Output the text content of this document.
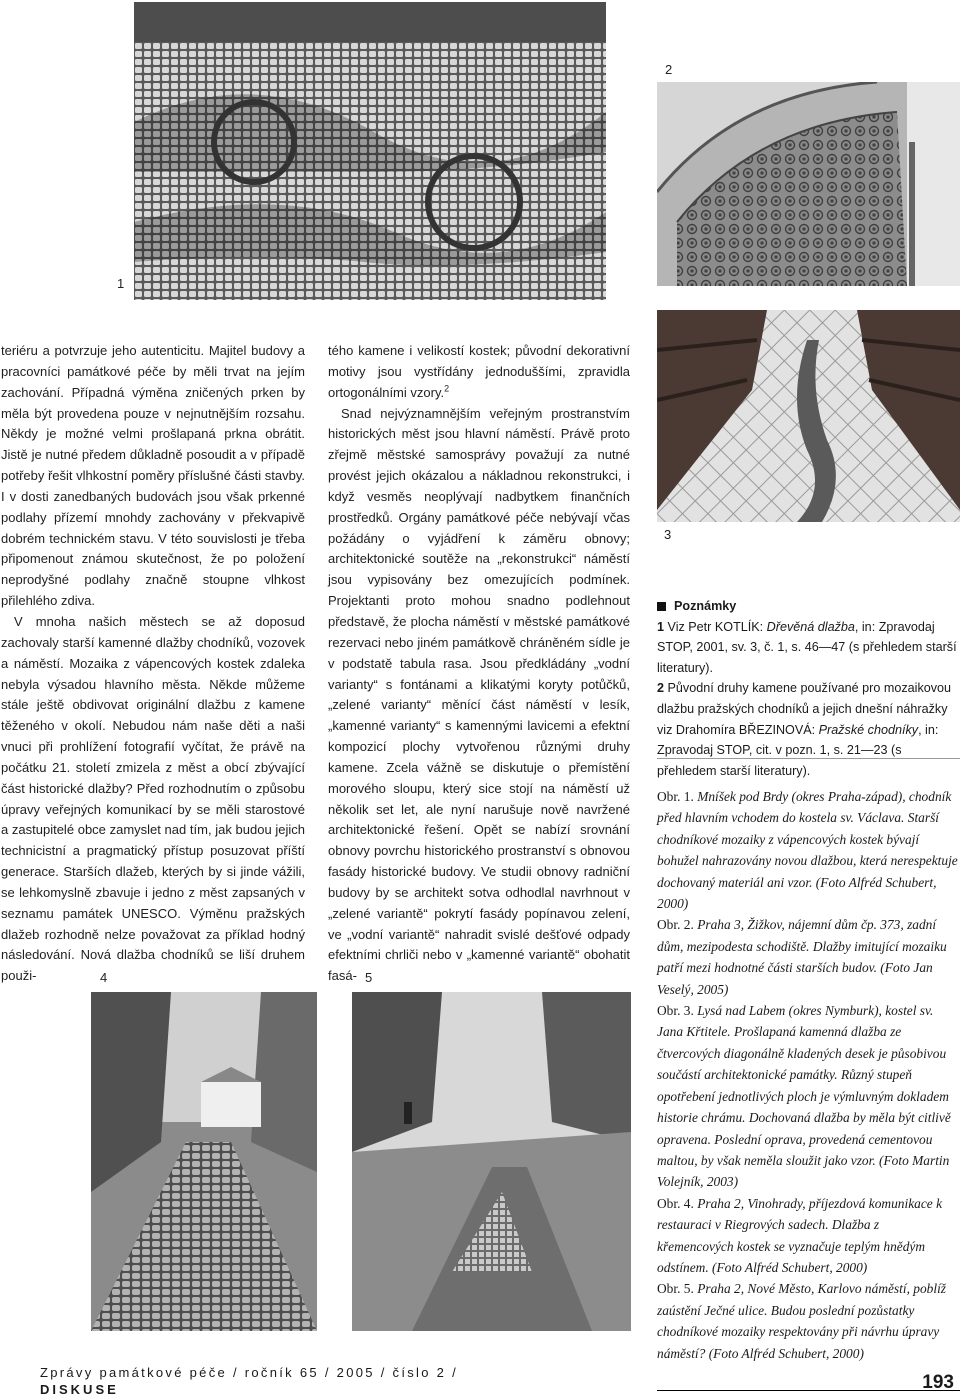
1
2
3
4	5

teriéru a potvrzuje jeho autenticitu. Majitel budovy a pracovníci památkové péče by měli trvat na jejím zachování. Případná výměna zničených prken by měla být provedena pouze v nejnutnějším rozsahu. Někdy je možné velmi prošlapaná prkna obrátit. Jistě je nutné předem důkladně posoudit a v případě potřeby řešit vlhkostní poměry příslušné části stavby. I v dosti zanedbaných budovách jsou však prkenné podlahy přízemí mnohdy zachovány v překvapivě dobrém technickém stavu. V této souvislosti je třeba připomenout známou skutečnost, že po položení neprodyšné podlahy značně stoupne vlhkost přilehlého zdiva.

V mnoha našich městech se až doposud zachovaly starší kamenné dlažby chodníků, vozovek a náměstí. Mozaika z vápencových kostek zdaleka nebyla výsadou hlavního města. Někde můžeme stále ještě obdivovat originální dlažbu z kamene těženého v okolí. Nebudou nám naše děti a naši vnuci při prohlížení fotografií vyčítat, že právě na počátku 21. století zmizela z měst a obcí zbývající část historické dlažby? Před rozhodnutím o způsobu úpravy veřejných komunikací by se měli starostové a zastupitelé obce zamyslet nad tím, jak budou jejich technicistní a pragmatický přístup posuzovat příští generace. Starších dlažeb, kterých by si jinde vážili, se lehkomyslně zbavuje i jedno z měst zapsaných v seznamu památek UNESCO. Výměnu pražských dlažeb rozhodně nelze považovat za příklad hodný následování. Nová dlažba chodníků se liší druhem použi-

tého kamene i velikostí kostek; původní dekorativní motivy jsou vystřídány jednoduššími, zpravidla ortogonálními vzory.$^2$

Snad nejvýznamnějším veřejným prostranstvím historických měst jsou hlavní náměstí. Právě proto zřejmě městské samosprávy považují za nutné provést jejich okázalou a nákladnou rekonstrukci, i když vesměs neoplývají nadbytkem finančních prostředků. Orgány památkové péče nebývají včas požádány o vyjádření k záměru obnovy; architektonické soutěže na „rekonstrukci“ náměstí jsou vypisovány bez omezujících podmínek. Projektanti proto mohou snadno podlehnout představě, že plocha náměstí v městské památkové rezervaci nebo jiném památkově chráněném sídle je v podstatě tabula rasa. Jsou předkládány „vodní varianty“ s fontánami a klikatými koryty potůčků, „zelené varianty“ měnící část náměstí v lesík, „kamenné varianty“ s kamennými lavicemi a efektní kompozicí plochy vytvořenou různými druhy kamene. Zcela vážně se diskutuje o přemístění morového sloupu, který sice stojí na náměstí už několik set let, ale nyní narušuje nově navržené architektonické řešení. Opět se nabízí srovnání obnovy povrchu historického prostranství s obnovou fasády historické budovy. Ve studii obnovy radniční budovy by se architekt sotva odhodlal navrhnout v „zelené variantě“ pokrytí fasády popínavou zelení, ve „vodní variantě“ nahradit svislé dešťové odpady efektními chrliči nebo v „kamenné variantě“ obohatit fasá-

Poznámky

1 Viz Petr KOTLÍK: Dřevěná dlažba, in: Zpravodaj STOP, 2001, sv. 3, č. 1, s. 46—47 (s přehledem starší literatury).

2 Původní druhy kamene používané pro mozaikovou dlažbu pražských chodníků a jejich dnešní náhražky viz Drahomíra BŘEZINOVÁ: Pražské chodníky, in: Zpravodaj STOP, cit. v pozn. 1, s. 21—23 (s přehledem starší literatury).

Obr. 1. Mníšek pod Brdy (okres Praha-západ), chodník před hlavním vchodem do kostela sv. Václava. Starší chodníkové mozaiky z vápencových kostek bývají bohužel nahrazovány novou dlažbou, která nerespektuje dochovaný materiál ani vzor. (Foto Alfréd Schubert, 2000)

Obr. 2. Praha 3, Žižkov, nájemní dům čp. 373, zadní dům, mezipodesta schodiště. Dlažby imitující mozaiku patří mezi hodnotné části starších budov. (Foto Jan Veselý, 2005)

Obr. 3. Lysá nad Labem (okres Nymburk), kostel sv. Jana Křtitele. Prošlapaná kamenná dlažba ze čtvercových diagonálně kladených desek je působivou součástí architektonické památky. Různý stupeň opotřebení jednotlivých ploch je výmluvným dokladem historie chrámu. Dochovaná dlažba by měla být citlivě opravena. Poslední oprava, provedená cementovou maltou, by však neměla sloužit jako vzor. (Foto Martin Volejník, 2003)

Obr. 4. Praha 2, Vinohrady, příjezdová komunikace k restauraci v Riegrových sadech. Dlažba z křemencových kostek se vyznačuje teplým hnědým odstínem. (Foto Alfréd Schubert, 2000)

Obr. 5. Praha 2, Nové Město, Karlovo náměstí, poblíž zaústění Ječné ulice. Budou poslední pozůstatky chodníkové mozaiky respektovány při návrhu úpravy náměstí? (Foto Alfréd Schubert, 2000)

Zprávy památkové péče / ročník 65 / 2005 / číslo 2 /
DISKUSE	193
